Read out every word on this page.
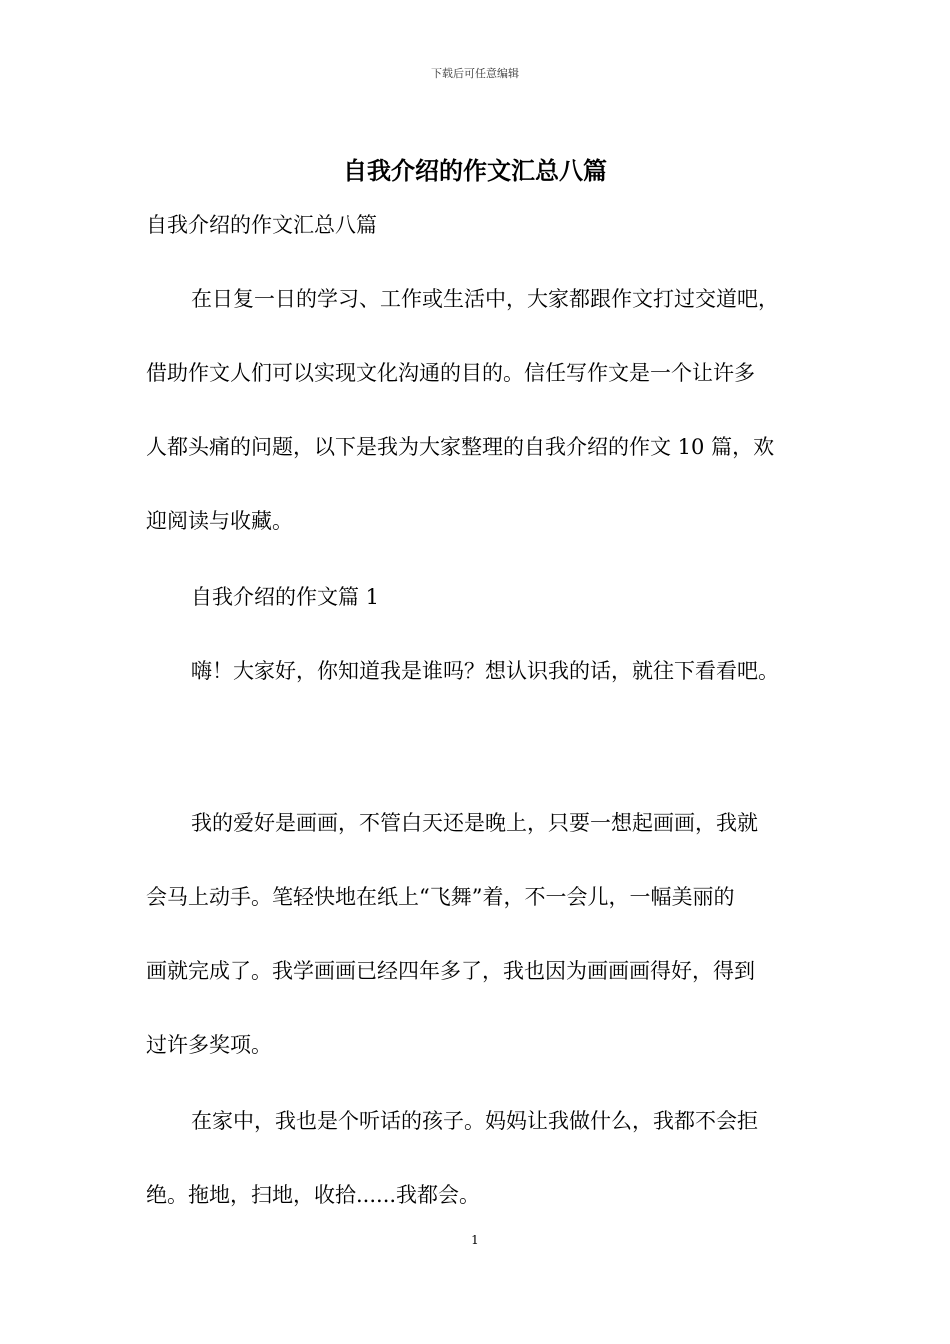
下载后可任意编辑
自我介绍的作文汇总八篇
自我介绍的作文汇总八篇
在日复一日的学习、工作或生活中，大家都跟作文打过交道吧，
借助作文人们可以实现文化沟通的目的。信任写作文是一个让许多
人都头痛的问题，以下是我为大家整理的自我介绍的作文 10 篇，欢
迎阅读与收藏。
自我介绍的作文篇 1
嗨！大家好，你知道我是谁吗？想认识我的话，就往下看看吧。
我的爱好是画画，不管白天还是晚上，只要一想起画画，我就
会马上动手。笔轻快地在纸上“飞舞”着，不一会儿，一幅美丽的
画就完成了。我学画画已经四年多了，我也因为画画画得好，得到
过许多奖项。
在家中，我也是个听话的孩子。妈妈让我做什么，我都不会拒
绝。拖地，扫地，收拾......我都会。
1
